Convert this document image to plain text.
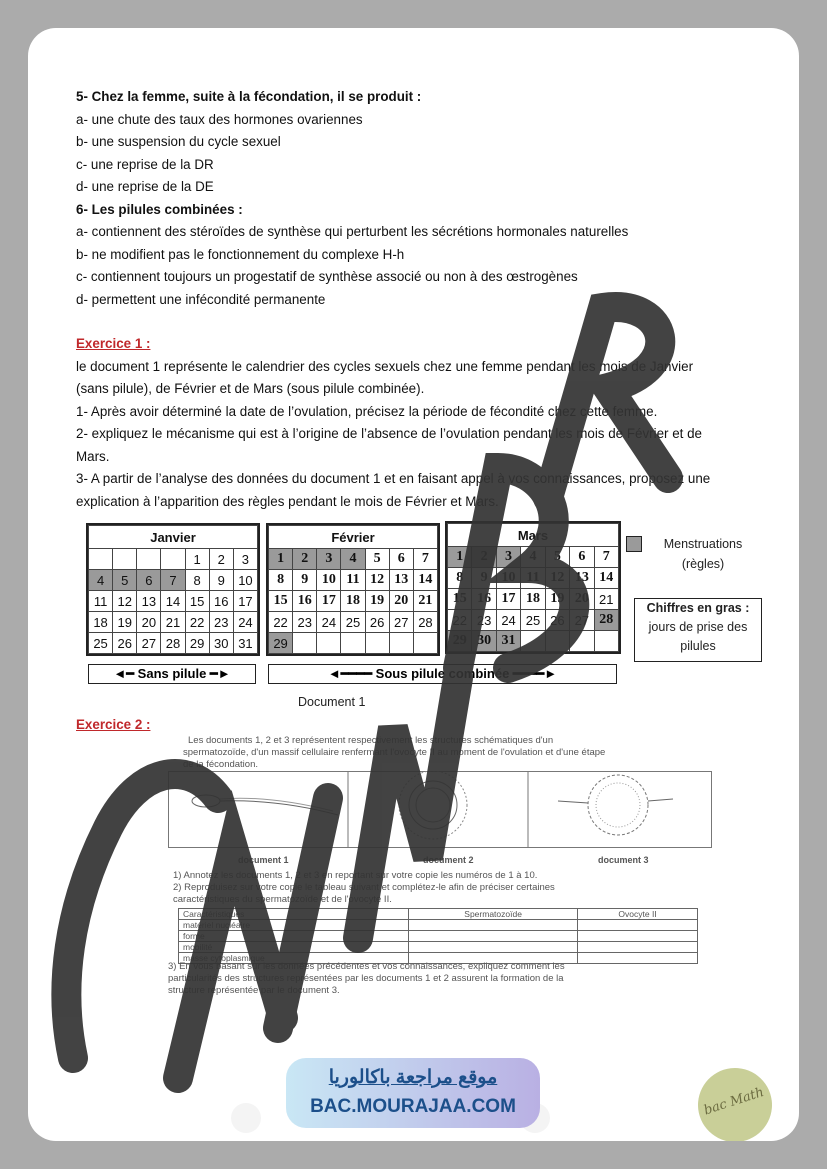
5- Chez la femme, suite à la fécondation, il se produit :
a- une chute des taux des hormones ovariennes
b- une suspension du cycle sexuel
c- une reprise de la DR
d- une reprise de la DE
6- Les pilules combinées :
a- contiennent des stéroïdes de synthèse qui perturbent les sécrétions hormonales naturelles
b- ne modifient pas le fonctionnement du complexe H-h
c- contiennent toujours un progestatif de synthèse associé ou non à des œstrogènes
d- permettent une infécondité permanente
Exercice 1 :
le document 1 représente le calendrier des cycles sexuels chez une femme pendant les mois de Janvier
(sans pilule), de Février et de Mars (sous pilule combinée).
1- Après avoir déterminé la date de l’ovulation, précisez la période de fécondité chez cette femme.
2- expliquez le mécanisme qui est à l’origine de l’absence de l’ovulation pendant les mois de Février et de
Mars.
3- A partir de l’analyse des données du document 1 et en faisant appel à vos connaissances, proposez une
explication à l’apparition des règles pendant le mois de Février et Mars.
Janvier						
				1	2	3
4	5	6	7	8	9	10
11	12	13	14	15	16	17
18	19	20	21	22	23	24
25	26	27	28	29	30	31
Février						
1	2	3	4	5	6	7
8	9	10	11	12	13	14
15	16	17	18	19	20	21
22	23	24	25	26	27	28
29						
Mars						
1	2	3	4	5	6	7
8	9	10	11	12	13	14
15	16	17	18	19	20	21
22	23	24	25	26	27	28
29	30	31				
Menstruations
(règles)
Chiffres en gras :
jours de prise des
pilules
◄━ Sans pilule ━►	◄━━━━ Sous pilule combinée ━━━━►
Document 1
Exercice 2 :
Les documents 1, 2 et 3 représentent respectivement les structures schématiques d'un
spermatozoïde, d'un massif cellulaire renfermant l'ovocyte II au moment de l'ovulation et d'une étape
de la fécondation.
document 1	document 2	document 3
1) Annotez les documents 1, 2 et 3 en reportant sur votre copie les numéros de 1 à 10.
2) Reproduisez sur votre copie le tableau suivant et complétez-le afin de préciser certaines
caractéristiques du spermatozoïde et de l'ovocyte II.
Caractéristiques	Spermatozoïde	Ovocyte II
matériel nucléaire		
forme		
mobilité		
masse cytoplasmique		
3) En vous basant sur les données précédentes et vos connaissances, expliquez comment les
particularités des structures représentées par les documents 1 et 2 assurent la formation de la
structure représentée par le document 3.
موقع مراجعة باكالوريا
BAC.MOURAJAA.COM	bac Math
